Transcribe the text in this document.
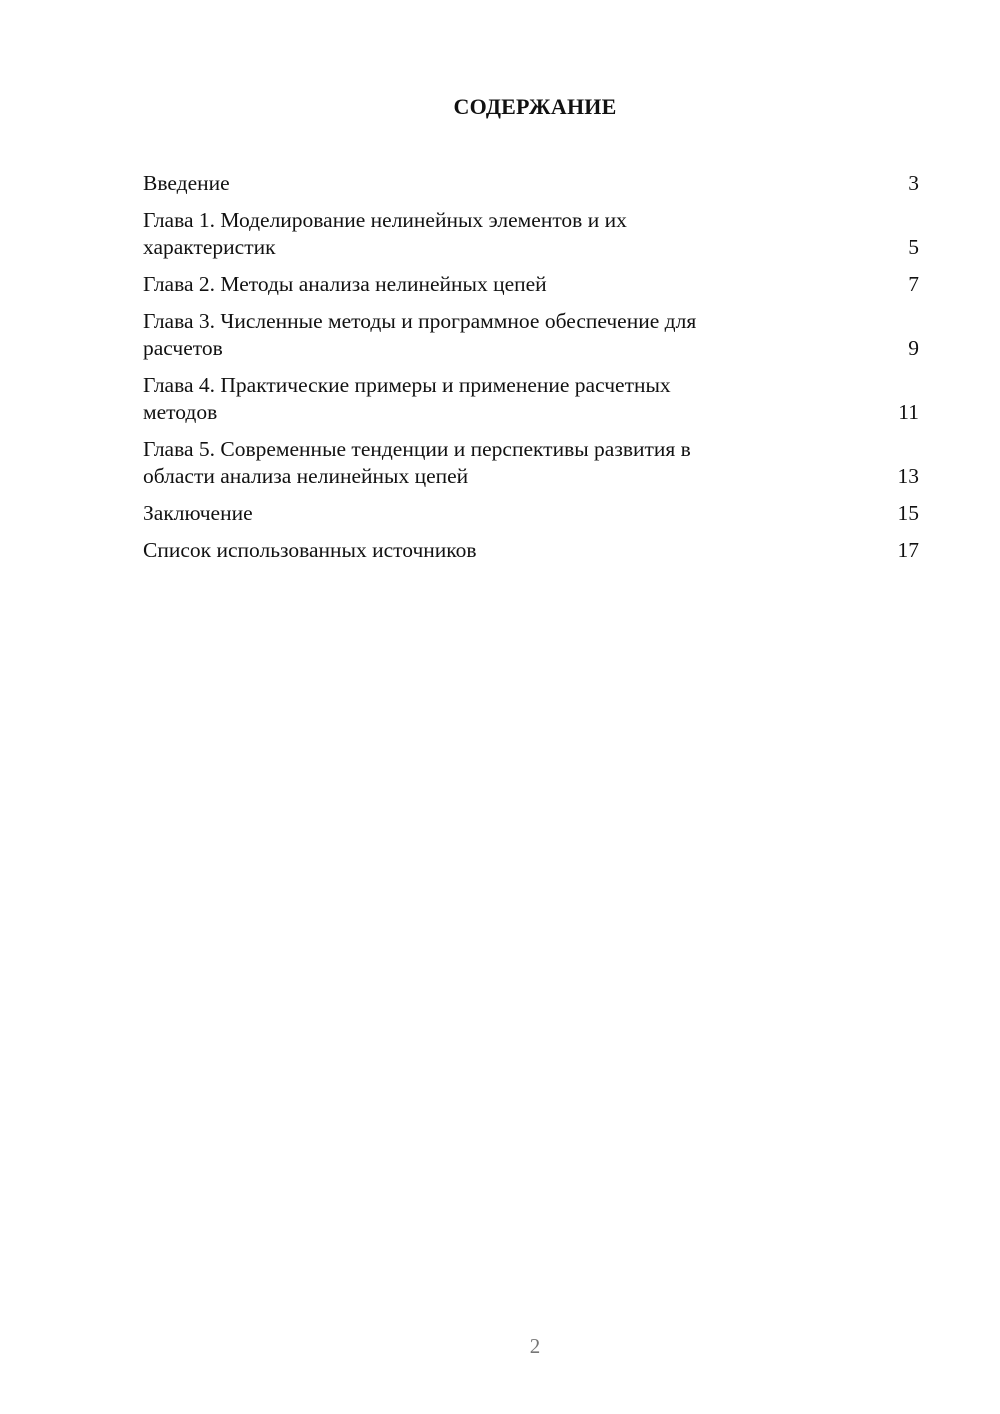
СОДЕРЖАНИЕ
Введение	3
Глава 1. Моделирование нелинейных элементов и их
характеристик	5
Глава 2. Методы анализа нелинейных цепей	7
Глава 3. Численные методы и программное обеспечение для
расчетов	9
Глава 4. Практические примеры и применение расчетных
методов	11
Глава 5. Современные тенденции и перспективы развития в
области анализа нелинейных цепей	13
Заключение	15
Список использованных источников	17
2
